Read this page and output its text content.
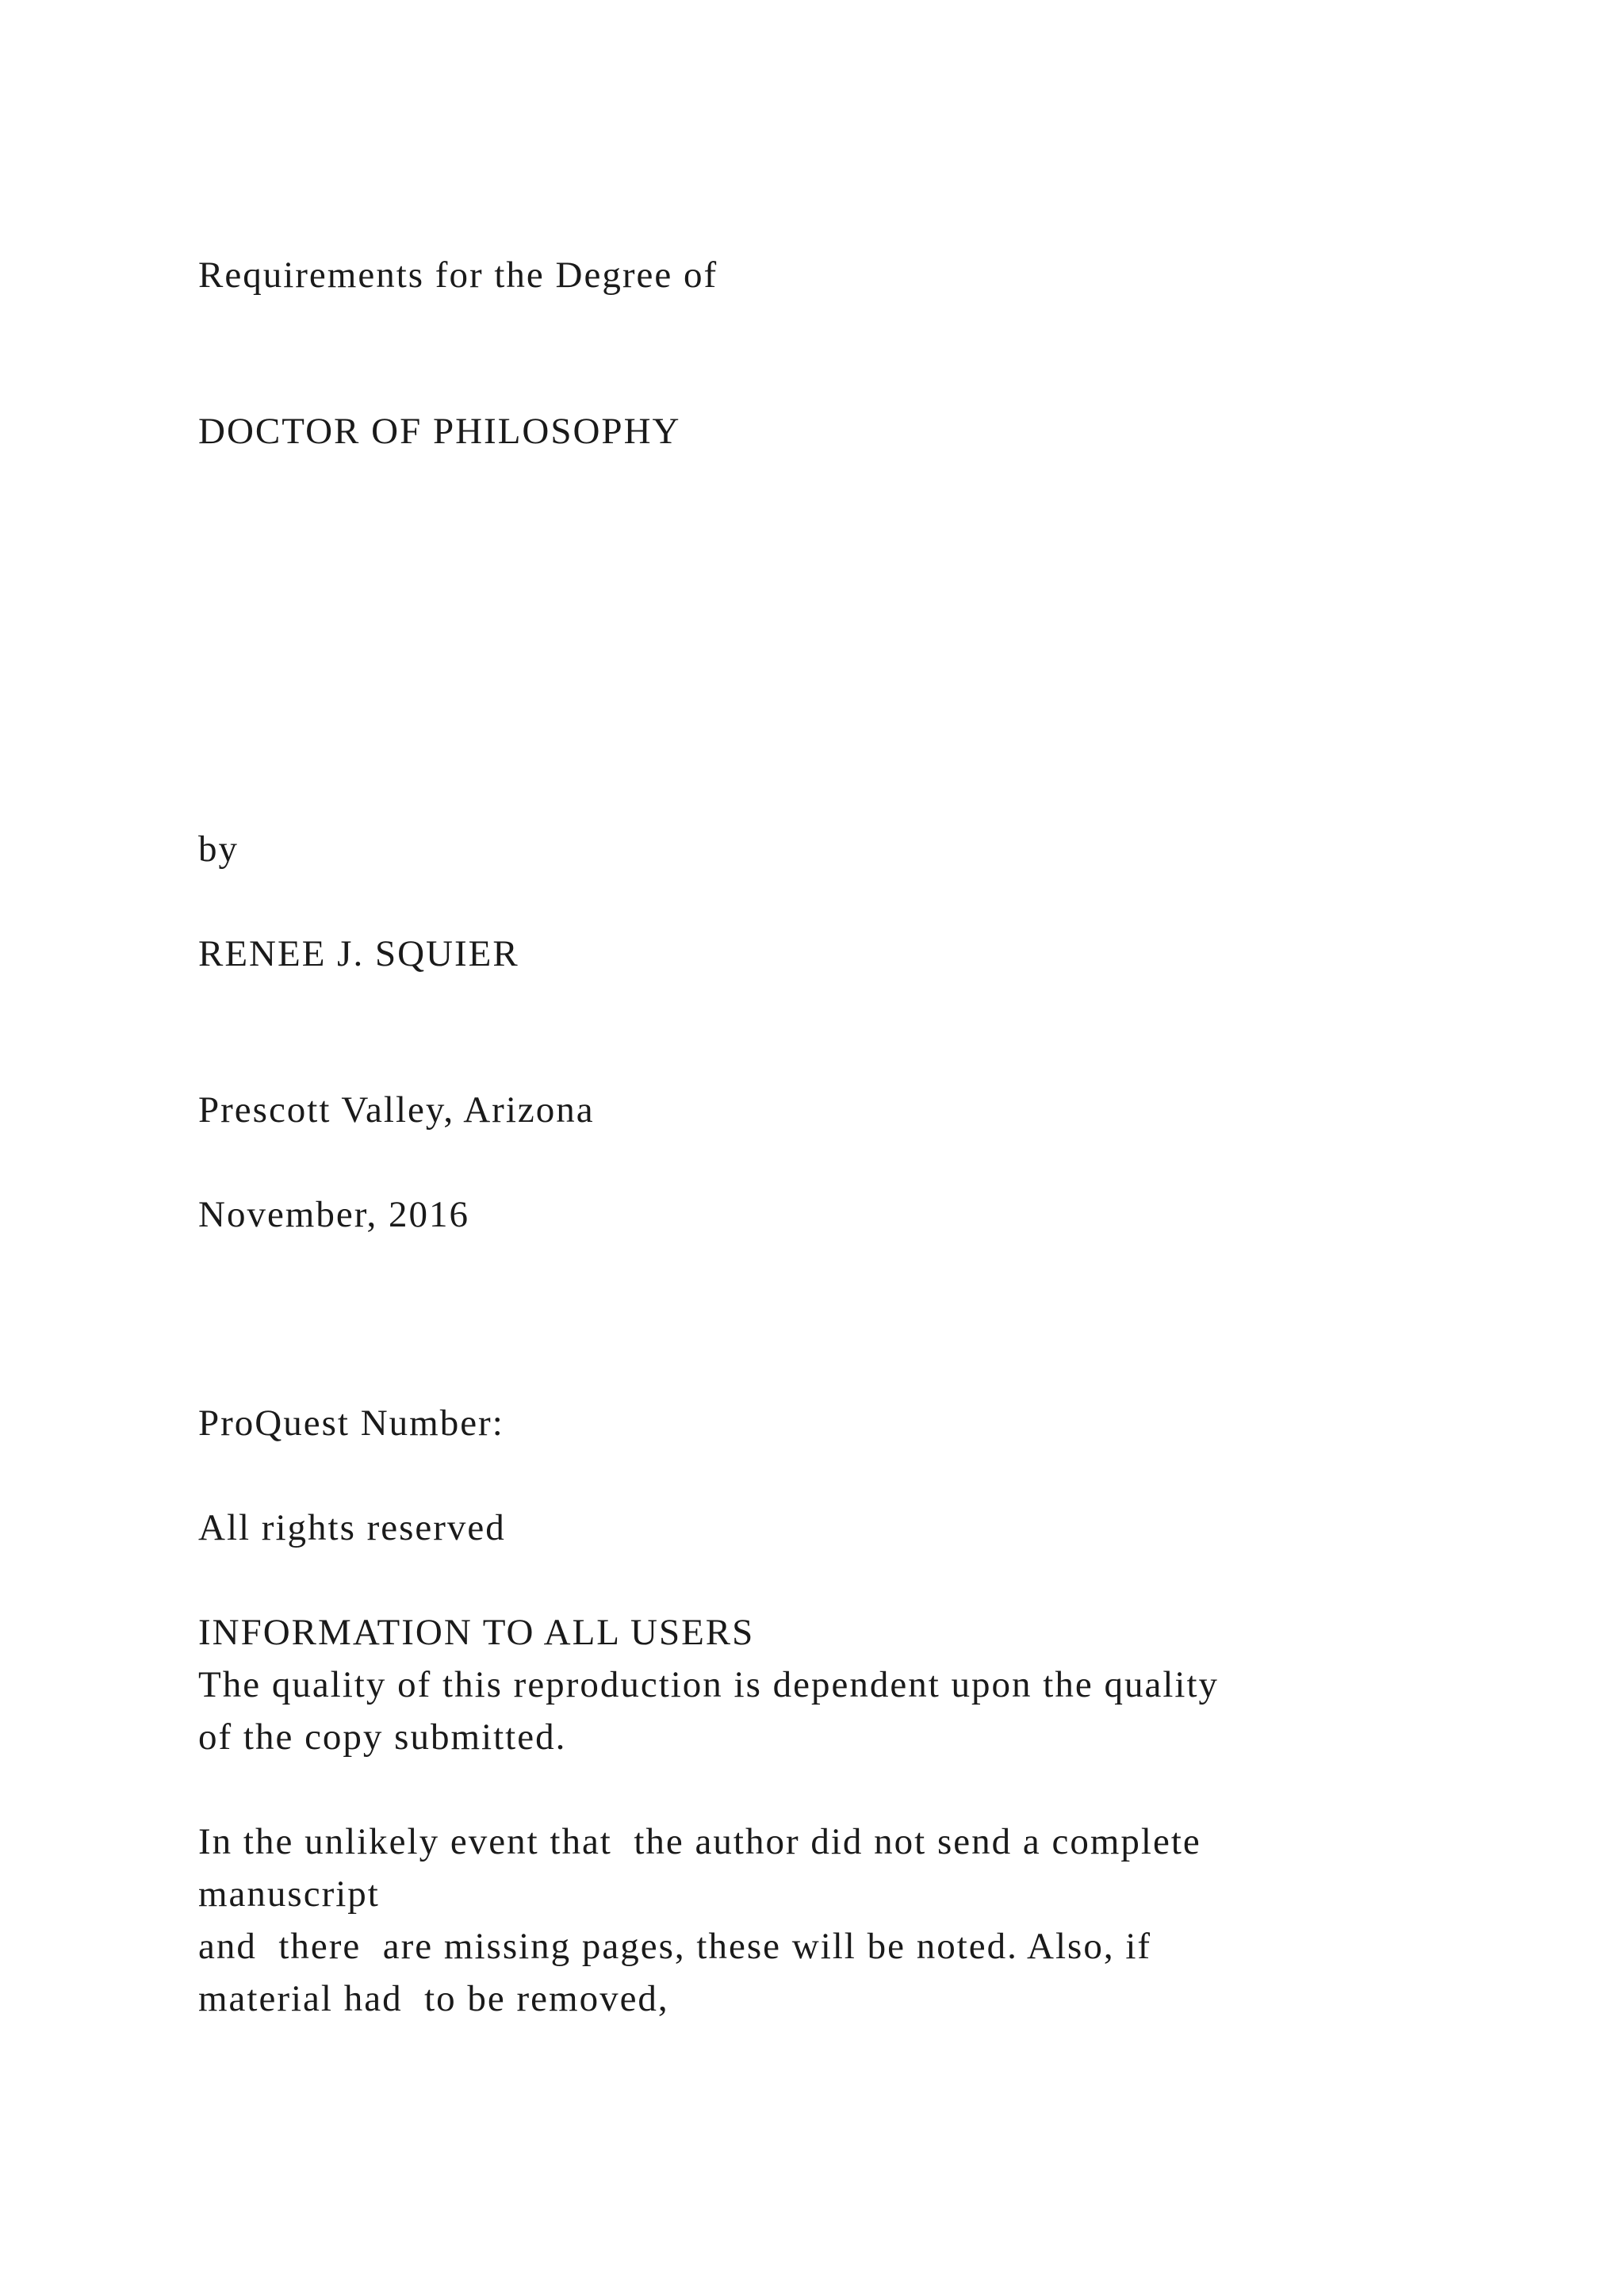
Requirements for the Degree of

DOCTOR OF PHILOSOPHY

by

RENEE J. SQUIER

Prescott Valley, Arizona

November, 2016

ProQuest Number:

All rights reserved

INFORMATION TO ALL USERS

The quality of this reproduction is dependent upon the quality

of the copy submitted.

In the unlikely event that  the author did not send a complete

manuscript

and  there  are missing pages, these will be noted. Also, if

material had  to be removed,
